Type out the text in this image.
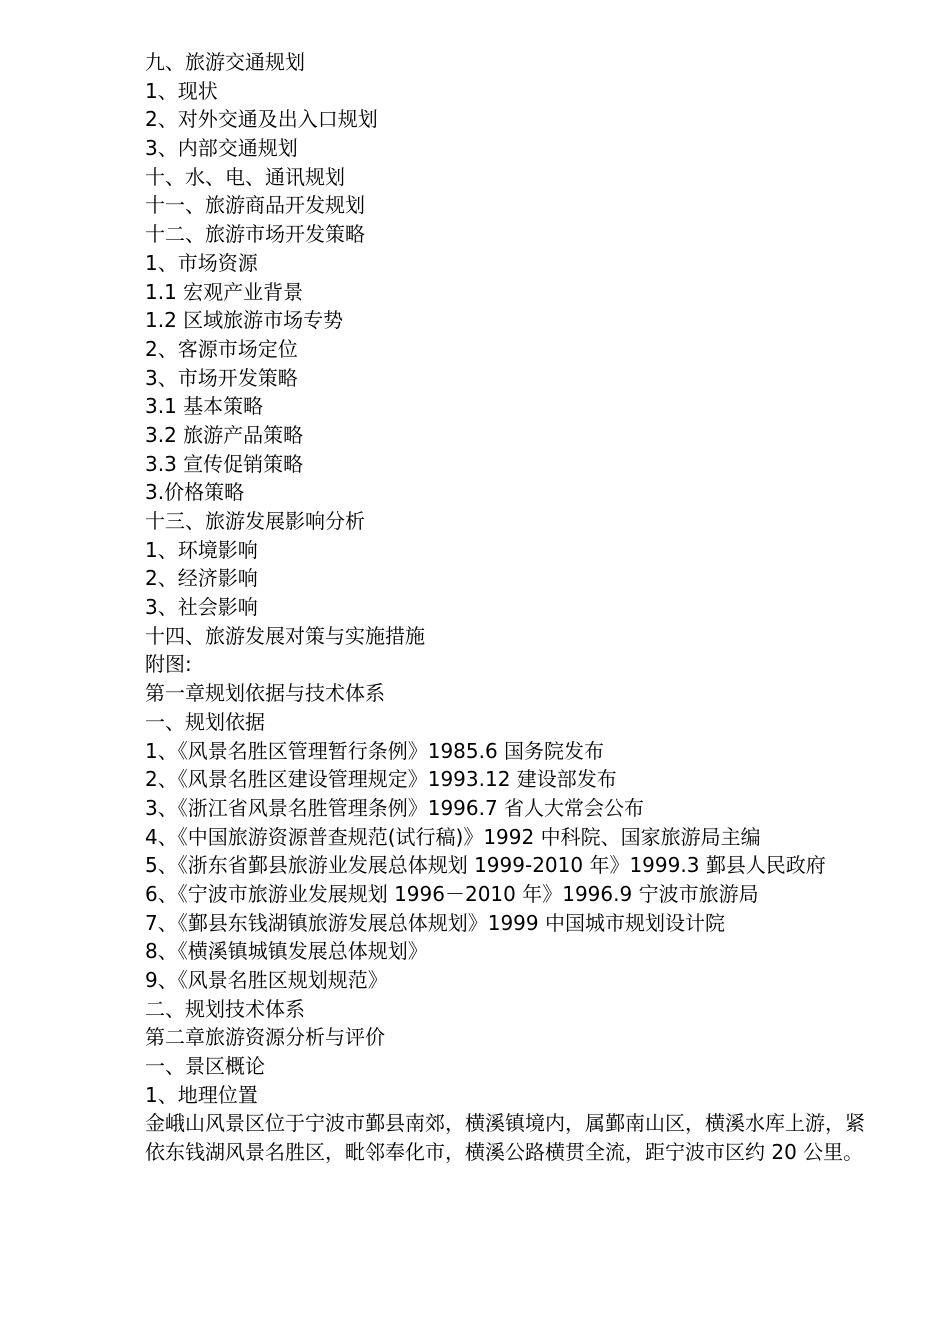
九、旅游交通规划

1、现状

2、对外交通及出入口规划

3、内部交通规划

十、水、电、通讯规划

十一、旅游商品开发规划

十二、旅游市场开发策略

1、市场资源

1.1 宏观产业背景

1.2 区域旅游市场专势

2、客源市场定位

3、市场开发策略

3.1 基本策略

3.2 旅游产品策略

3.3 宣传促销策略

3.价格策略

十三、旅游发展影响分析

1、环境影响

2、经济影响

3、社会影响

十四、旅游发展对策与实施措施

附图:

第一章规划依据与技术体系

一、规划依据

1、《风景名胜区管理暂行条例》1985.6 国务院发布

2、《风景名胜区建设管理规定》1993.12 建设部发布

3、《浙江省风景名胜管理条例》1996.7 省人大常会公布

4、《中国旅游资源普查规范(试行稿)》1992 中科院、国家旅游局主编

5、《浙东省鄞县旅游业发展总体规划 1999-2010 年》1999.3 鄞县人民政府

6、《宁波市旅游业发展规划 1996－2010 年》1996.9 宁波市旅游局

7、《鄞县东钱湖镇旅游发展总体规划》1999 中国城市规划设计院

8、《横溪镇城镇发展总体规划》

9、《风景名胜区规划规范》

二、规划技术体系

第二章旅游资源分析与评价

一、景区概论

1、地理位置

金峨山风景区位于宁波市鄞县南郊，横溪镇境内，属鄞南山区，横溪水库上游，紧依东钱湖风景名胜区，毗邻奉化市，横溪公路横贯全流，距宁波市区约 20 公里。
